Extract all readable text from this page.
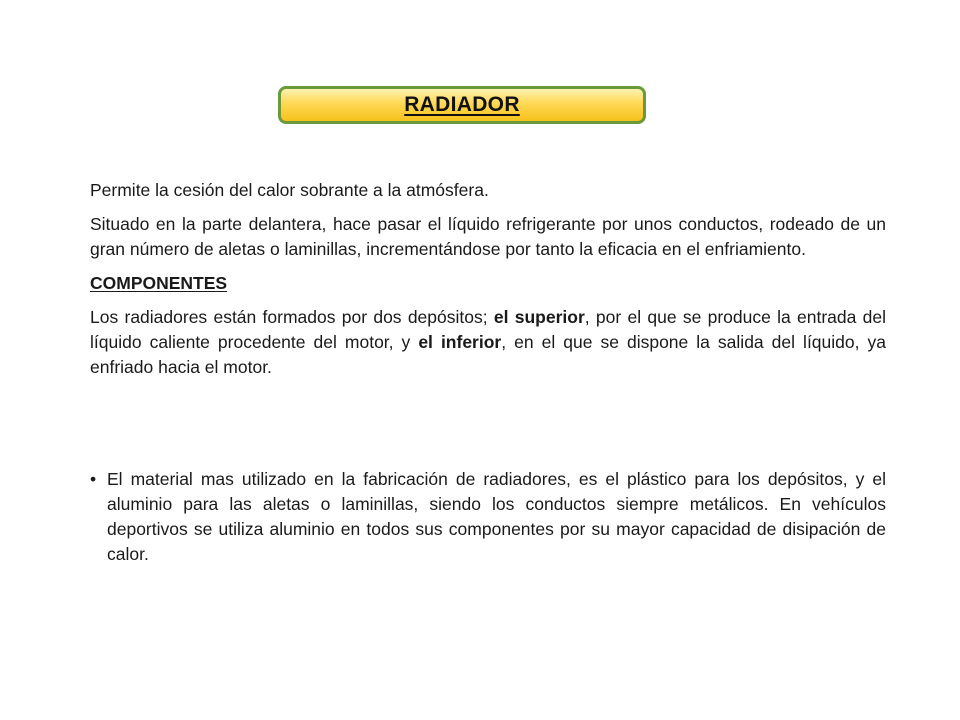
RADIADOR

Permite la cesión del calor sobrante a la atmósfera.

Situado en la parte delantera, hace pasar el líquido refrigerante por unos conductos, rodeado de un gran número de aletas o laminillas, incrementándose por tanto la eficacia en el enfriamiento.

COMPONENTES

Los radiadores están formados por dos depósitos; el superior, por el que se produce la entrada del líquido caliente procedente del motor, y el inferior, en el que se dispone la salida del líquido, ya enfriado hacia el motor.

• El material mas utilizado en la fabricación de radiadores, es el plástico para los depósitos, y el aluminio para las aletas o laminillas, siendo los conductos siempre metálicos. En vehículos deportivos se utiliza aluminio en todos sus componentes por su mayor capacidad de disipación de calor.
